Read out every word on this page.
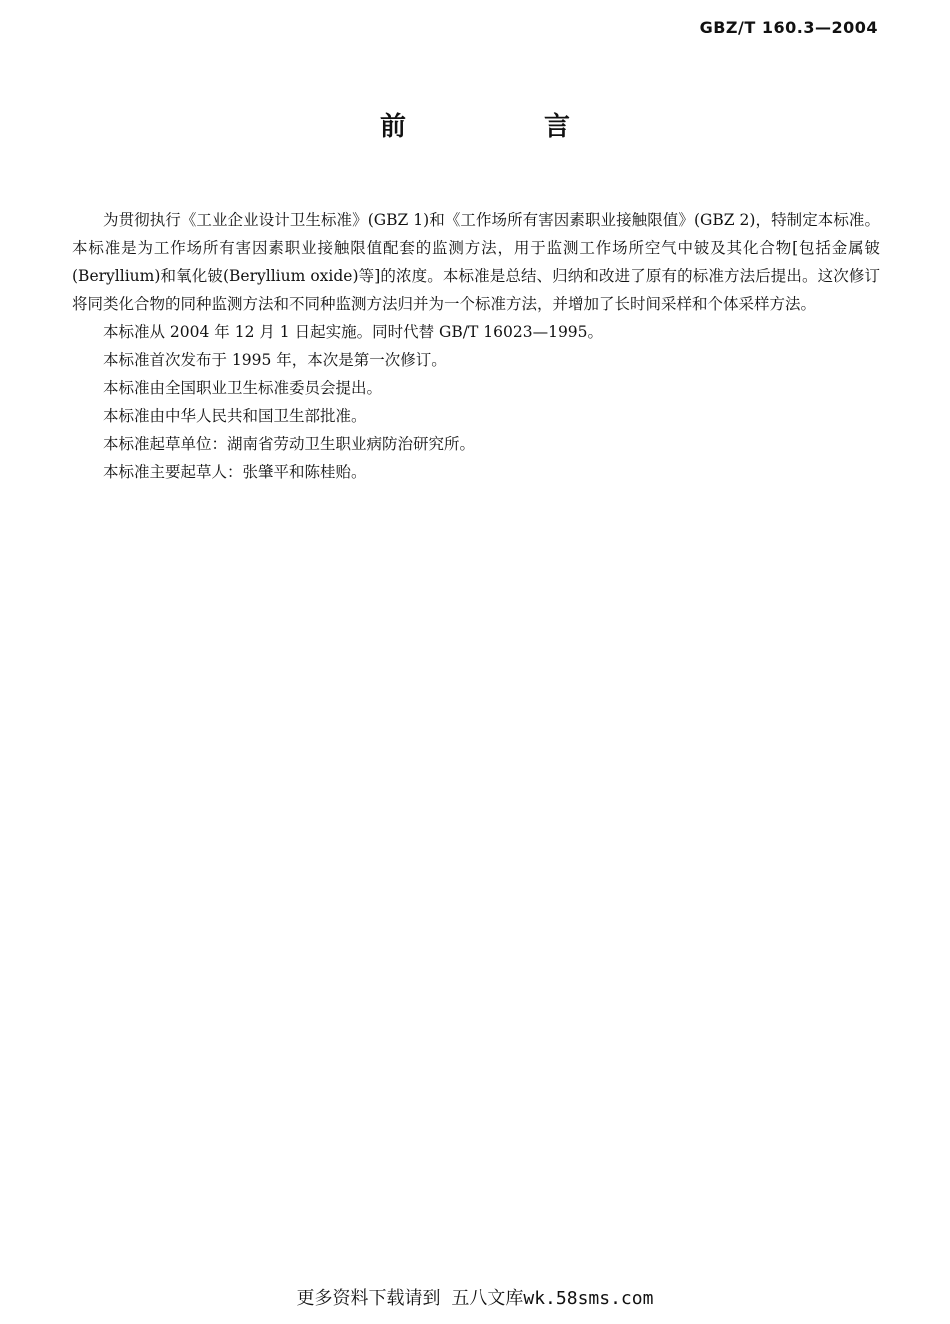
GBZ/T 160.3—2004
前　言

为贯彻执行《工业企业设计卫生标准》(GBZ 1)和《工作场所有害因素职业接触限值》(GBZ 2)，特制定本标准。本标准是为工作场所有害因素职业接触限值配套的监测方法，用于监测工作场所空气中铍及其化合物[包括金属铍(Beryllium)和氧化铍(Beryllium oxide)等]的浓度。本标准是总结、归纳和改进了原有的标准方法后提出。这次修订将同类化合物的同种监测方法和不同种监测方法归并为一个标准方法，并增加了长时间采样和个体采样方法。

本标准从 2004 年 12 月 1 日起实施。同时代替 GB/T 16023—1995。

本标准首次发布于 1995 年，本次是第一次修订。

本标准由全国职业卫生标准委员会提出。

本标准由中华人民共和国卫生部批准。

本标准起草单位：湖南省劳动卫生职业病防治研究所。

本标准主要起草人：张肇平和陈桂贻。

更多资料下载请到 五八文库wk.58sms.com
